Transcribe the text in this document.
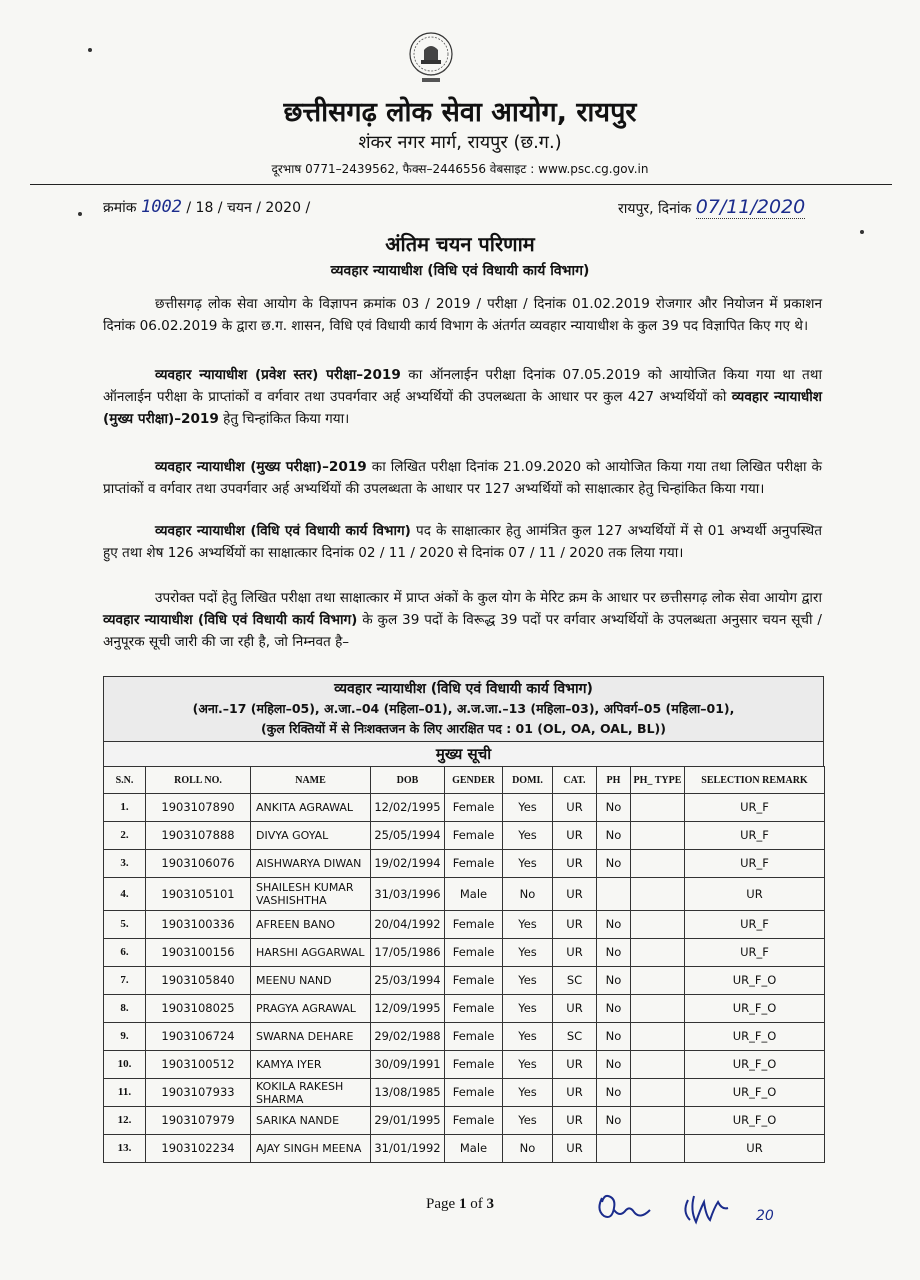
छत्तीसगढ़ लोक सेवा आयोग, रायपुर
शंकर नगर मार्ग, रायपुर (छ.ग.)
दूरभाष 0771–2439562, फैक्स–2446556 वेबसाइट : www.psc.cg.gov.in
क्रमांक 1002 / 18 / चयन / 2020 /	रायपुर, दिनांक 07/11/2020
अंतिम चयन परिणाम
व्यवहार न्यायाधीश (विधि एवं विधायी कार्य विभाग)
छत्तीसगढ़ लोक सेवा आयोग के विज्ञापन क्रमांक 03 / 2019 / परीक्षा / दिनांक 01.02.2019 रोजगार और नियोजन में प्रकाशन दिनांक 06.02.2019 के द्वारा छ.ग. शासन, विधि एवं विधायी कार्य विभाग के अंतर्गत व्यवहार न्यायाधीश के कुल 39 पद विज्ञापित किए गए थे।
व्यवहार न्यायाधीश (प्रवेश स्तर) परीक्षा–2019 का ऑनलाईन परीक्षा दिनांक 07.05.2019 को आयोजित किया गया था तथा ऑनलाईन परीक्षा के प्राप्तांकों व वर्गवार तथा उपवर्गवार अर्ह अभ्यर्थियों की उपलब्धता के आधार पर कुल 427 अभ्यर्थियों को व्यवहार न्यायाधीश (मुख्य परीक्षा)–2019 हेतु चिन्हांकित किया गया।
व्यवहार न्यायाधीश (मुख्य परीक्षा)–2019 का लिखित परीक्षा दिनांक 21.09.2020 को आयोजित किया गया तथा लिखित परीक्षा के प्राप्तांकों व वर्गवार तथा उपवर्गवार अर्ह अभ्यर्थियों की उपलब्धता के आधार पर 127 अभ्यर्थियों को साक्षात्कार हेतु चिन्हांकित किया गया।
व्यवहार न्यायाधीश (विधि एवं विधायी कार्य विभाग) पद के साक्षात्कार हेतु आमंत्रित कुल 127 अभ्यर्थियों में से 01 अभ्यर्थी अनुपस्थित हुए तथा शेष 126 अभ्यर्थियों का साक्षात्कार दिनांक 02 / 11 / 2020 से दिनांक 07 / 11 / 2020 तक लिया गया।
उपरोक्त पदों हेतु लिखित परीक्षा तथा साक्षात्कार में प्राप्त अंकों के कुल योग के मेरिट क्रम के आधार पर छत्तीसगढ़ लोक सेवा आयोग द्वारा व्यवहार न्यायाधीश (विधि एवं विधायी कार्य विभाग) के कुल 39 पदों के विरूद्ध 39 पदों पर वर्गवार अभ्यर्थियों के उपलब्धता अनुसार चयन सूची / अनुपूरक सूची जारी की जा रही है, जो निम्नवत है–
व्यवहार न्यायाधीश (विधि एवं विधायी कार्य विभाग)
(अना.–17 (महिला–05), अ.जा.–04 (महिला–01), अ.ज.जा.–13 (महिला–03), अपिवर्ग–05 (महिला–01),
(कुल रिक्तियों में से निःशक्तजन के लिए आरक्षित पद : 01 (OL, OA, OAL, BL))
मुख्य सूची
S.N.	ROLL NO.	NAME	DOB	GENDER	DOMI.	CAT.	PH	PH_ TYPE	SELECTION REMARK
1.	1903107890	ANKITA AGRAWAL	12/02/1995	Female	Yes	UR	No		UR_F
2.	1903107888	DIVYA GOYAL	25/05/1994	Female	Yes	UR	No		UR_F
3.	1903106076	AISHWARYA DIWAN	19/02/1994	Female	Yes	UR	No		UR_F
4.	1903105101	SHAILESH KUMAR VASHISHTHA	31/03/1996	Male	No	UR			UR
5.	1903100336	AFREEN BANO	20/04/1992	Female	Yes	UR	No		UR_F
6.	1903100156	HARSHI AGGARWAL	17/05/1986	Female	Yes	UR	No		UR_F
7.	1903105840	MEENU NAND	25/03/1994	Female	Yes	SC	No		UR_F_O
8.	1903108025	PRAGYA AGRAWAL	12/09/1995	Female	Yes	UR	No		UR_F_O
9.	1903106724	SWARNA DEHARE	29/02/1988	Female	Yes	SC	No		UR_F_O
10.	1903100512	KAMYA IYER	30/09/1991	Female	Yes	UR	No		UR_F_O
11.	1903107933	KOKILA RAKESH SHARMA	13/08/1985	Female	Yes	UR	No		UR_F_O
12.	1903107979	SARIKA NANDE	29/01/1995	Female	Yes	UR	No		UR_F_O
13.	1903102234	AJAY SINGH MEENA	31/01/1992	Male	No	UR			UR
Page 1 of 3
20
